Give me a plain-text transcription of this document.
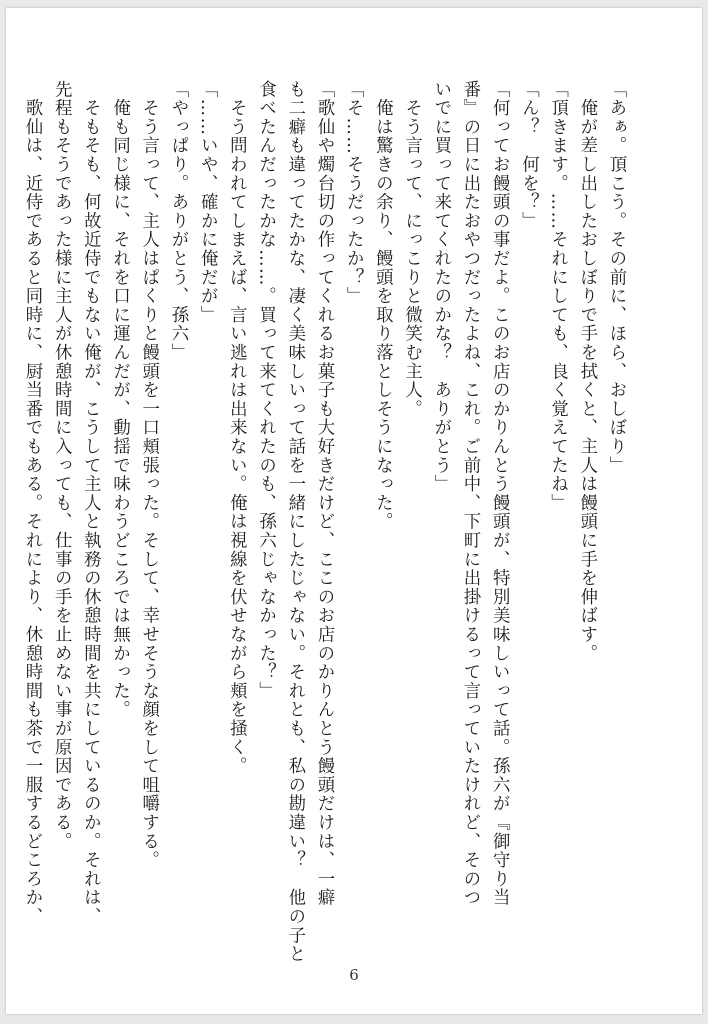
「あぁ。頂こう。その前に、ほら、おしぼり」
　俺が差し出したおしぼりで手を拭くと、主人は饅頭に手を伸ばす。
「頂きます。……それにしても、良く覚えてたね」
「ん？　何を？」
「何ってお饅頭の事だよ。このお店のかりんとう饅頭が、特別美味しいって話。孫六が『御守り当
番』の日に出たおやつだったよね、これ。ご前中、下町に出掛けるって言っていたけれど、そのつ
いでに買って来てくれたのかな？　ありがとう」
　そう言って、にっこりと微笑む主人。
　俺は驚きの余り、饅頭を取り落としそうになった。
「そ……そうだったか？」
「歌仙や燭台切の作ってくれるお菓子も大好きだけど、ここのお店のかりんとう饅頭だけは、一癖
も二癖も違ってたかな、凄く美味しいって話を一緒にしたじゃない。それとも、私の勘違い？　他の子と
食べたんだったかな……。買って来てくれたのも、孫六じゃなかった？」
　そう問われてしまえば、言い逃れは出来ない。俺は視線を伏せながら頬を掻く。
「……いや、確かに俺だが」
「やっぱり。ありがとう、孫六」
　そう言って、主人はぱくりと饅頭を一口頬張った。そして、幸せそうな顔をして咀嚼する。
　俺も同じ様に、それを口に運んだが、動揺で味わうどころでは無かった。
　そもそも、何故近侍でもない俺が、こうして主人と執務の休憩時間を共にしているのか。それは、
先程もそうであった様に主人が休憩時間に入っても、仕事の手を止めない事が原因である。
　歌仙は、近侍であると同時に、厨当番でもある。それにより、休憩時間も茶で一服するどころか、
6
